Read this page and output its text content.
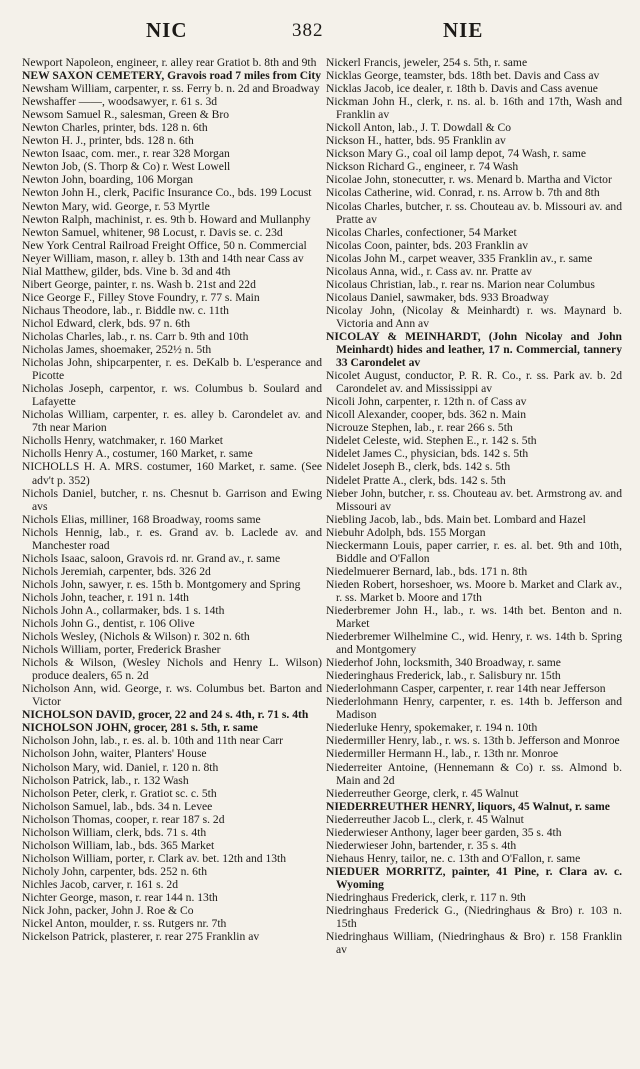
NIC	382	NIE

Newport Napoleon, engineer, r. alley rear Gratiot b. 8th and 9th

NEW SAXON CEMETERY, Gravois road 7 miles from City

Newsham William, carpenter, r. ss. Ferry b. n. 2d and Broadway

Newshaffer ——, woodsawyer, r. 61 s. 3d

Newsom Samuel R., salesman, Green & Bro

Newton Charles, printer, bds. 128 n. 6th

Newton H. J., printer, bds. 128 n. 6th

Newton Isaac, com. mer., r. rear 328 Morgan

Newton Job, (S. Thorp & Co) r. West Lowell

Newton John, boarding, 106 Morgan

Newton John H., clerk, Pacific Insurance Co., bds. 199 Locust

Newton Mary, wid. George, r. 53 Myrtle

Newton Ralph, machinist, r. es. 9th b. Howard and Mullanphy

Newton Samuel, whitener, 98 Locust, r. Davis se. c. 23d

New York Central Railroad Freight Office, 50 n. Commercial

Neyer William, mason, r. alley b. 13th and 14th near Cass av

Nial Matthew, gilder, bds. Vine b. 3d and 4th

Nibert George, painter, r. ns. Wash b. 21st and 22d

Nice George F., Filley Stove Foundry, r. 77 s. Main

Nichaus Theodore, lab., r. Biddle nw. c. 11th

Nichol Edward, clerk, bds. 97 n. 6th

Nicholas Charles, lab., r. ns. Carr b. 9th and 10th

Nicholas James, shoemaker, 252½ n. 5th

Nicholas John, shipcarpenter, r. es. DeKalb b. L'esperance and Picotte

Nicholas Joseph, carpentor, r. ws. Columbus b. Soulard and Lafayette

Nicholas William, carpenter, r. es. alley b. Carondelet av. and 7th near Marion

Nicholls Henry, watchmaker, r. 160 Market

Nicholls Henry A., costumer, 160 Market, r. same

NICHOLLS H. A. MRS. costumer, 160 Market, r. same. (See adv't p. 352)

Nichols Daniel, butcher, r. ns. Chesnut b. Garrison and Ewing avs

Nichols Elias, milliner, 168 Broadway, rooms same

Nichols Hennig, lab., r. es. Grand av. b. Laclede av. and Manchester road

Nichols Isaac, saloon, Gravois rd. nr. Grand av., r. same

Nichols Jeremiah, carpenter, bds. 326 2d

Nichols John, sawyer, r. es. 15th b. Montgomery and Spring

Nichols John, teacher, r. 191 n. 14th

Nichols John A., collarmaker, bds. 1 s. 14th

Nichols John G., dentist, r. 106 Olive

Nichols Wesley, (Nichols & Wilson) r. 302 n. 6th

Nichols William, porter, Frederick Brasher

Nichols & Wilson, (Wesley Nichols and Henry L. Wilson) produce dealers, 65 n. 2d

Nicholson Ann, wid. George, r. ws. Columbus bet. Barton and Victor

NICHOLSON DAVID, grocer, 22 and 24 s. 4th, r. 71 s. 4th

NICHOLSON JOHN, grocer, 281 s. 5th, r. same

Nicholson John, lab., r. es. al. b. 10th and 11th near Carr

Nicholson John, waiter, Planters' House

Nicholson Mary, wid. Daniel, r. 120 n. 8th

Nicholson Patrick, lab., r. 132 Wash

Nicholson Peter, clerk, r. Gratiot sc. c. 5th

Nicholson Samuel, lab., bds. 34 n. Levee

Nicholson Thomas, cooper, r. rear 187 s. 2d

Nicholson William, clerk, bds. 71 s. 4th

Nicholson William, lab., bds. 365 Market

Nicholson William, porter, r. Clark av. bet. 12th and 13th

Nicholy John, carpenter, bds. 252 n. 6th

Nichles Jacob, carver, r. 161 s. 2d

Nichter George, mason, r. rear 144 n. 13th

Nick John, packer, John J. Roe & Co

Nickel Anton, moulder, r. ss. Rutgers nr. 7th

Nickelson Patrick, plasterer, r. rear 275 Franklin av

Nickerl Francis, jeweler, 254 s. 5th, r. same

Nicklas George, teamster, bds. 18th bet. Davis and Cass av

Nicklas Jacob, ice dealer, r. 18th b. Davis and Cass avenue

Nickman John H., clerk, r. ns. al. b. 16th and 17th, Wash and Franklin av

Nickoll Anton, lab., J. T. Dowdall & Co

Nickson H., hatter, bds. 95 Franklin av

Nickson Mary G., coal oil lamp depot, 74 Wash, r. same

Nickson Richard G., engineer, r. 74 Wash

Nicolae John, stonecutter, r. ws. Menard b. Martha and Victor

Nicolas Catherine, wid. Conrad, r. ns. Arrow b. 7th and 8th

Nicolas Charles, butcher, r. ss. Chouteau av. b. Missouri av. and Pratte av

Nicolas Charles, confectioner, 54 Market

Nicolas Coon, painter, bds. 203 Franklin av

Nicolas John M., carpet weaver, 335 Franklin av., r. same

Nicolaus Anna, wid., r. Cass av. nr. Pratte av

Nicolaus Christian, lab., r. rear ns. Marion near Columbus

Nicolaus Daniel, sawmaker, bds. 933 Broadway

Nicolay John, (Nicolay & Meinhardt) r. ws. Maynard b. Victoria and Ann av

NICOLAY & MEINHARDT, (John Nicolay and John Meinhardt) hides and leather, 17 n. Commercial, tannery 33 Carondelet av

Nicolet August, conductor, P. R. R. Co., r. ss. Park av. b. 2d Carondelet av. and Mississippi av

Nicoli John, carpenter, r. 12th n. of Cass av

Nicoll Alexander, cooper, bds. 362 n. Main

Nicrouze Stephen, lab., r. rear 266 s. 5th

Nidelet Celeste, wid. Stephen E., r. 142 s. 5th

Nidelet James C., physician, bds. 142 s. 5th

Nidelet Joseph B., clerk, bds. 142 s. 5th

Nidelet Pratte A., clerk, bds. 142 s. 5th

Nieber John, butcher, r. ss. Chouteau av. bet. Armstrong av. and Missouri av

Niebling Jacob, lab., bds. Main bet. Lombard and Hazel

Niebuhr Adolph, bds. 155 Morgan

Nieckermann Louis, paper carrier, r. es. al. bet. 9th and 10th, Biddle and O'Fallon

Niedelmuerer Bernard, lab., bds. 171 n. 8th

Nieden Robert, horseshoer, ws. Moore b. Market and Clark av., r. ss. Market b. Moore and 17th

Niederbremer John H., lab., r. ws. 14th bet. Benton and n. Market

Niederbremer Wilhelmine C., wid. Henry, r. ws. 14th b. Spring and Montgomery

Niederhof John, locksmith, 340 Broadway, r. same

Niederinghaus Frederick, lab., r. Salisbury nr. 15th

Niederlohmann Casper, carpenter, r. rear 14th near Jefferson

Niederlohmann Henry, carpenter, r. es. 14th b. Jefferson and Madison

Niederluke Henry, spokemaker, r. 194 n. 10th

Niedermiller Henry, lab., r. ws. s. 13th b. Jefferson and Monroe

Niedermiller Hermann H., lab., r. 13th nr. Monroe

Niederreiter Antoine, (Hennemann & Co) r. ss. Almond b. Main and 2d

Niederreuther George, clerk, r. 45 Walnut

NIEDERREUTHER HENRY, liquors, 45 Walnut, r. same

Niederreuther Jacob L., clerk, r. 45 Walnut

Niederwieser Anthony, lager beer garden, 35 s. 4th

Niederwieser John, bartender, r. 35 s. 4th

Niehaus Henry, tailor, ne. c. 13th and O'Fallon, r. same

NIEDUER MORRITZ, painter, 41 Pine, r. Clara av. c. Wyoming

Niedringhaus Frederick, clerk, r. 117 n. 9th

Niedringhaus Frederick G., (Niedringhaus & Bro) r. 103 n. 15th

Niedringhaus William, (Niedringhaus & Bro) r. 158 Franklin av
